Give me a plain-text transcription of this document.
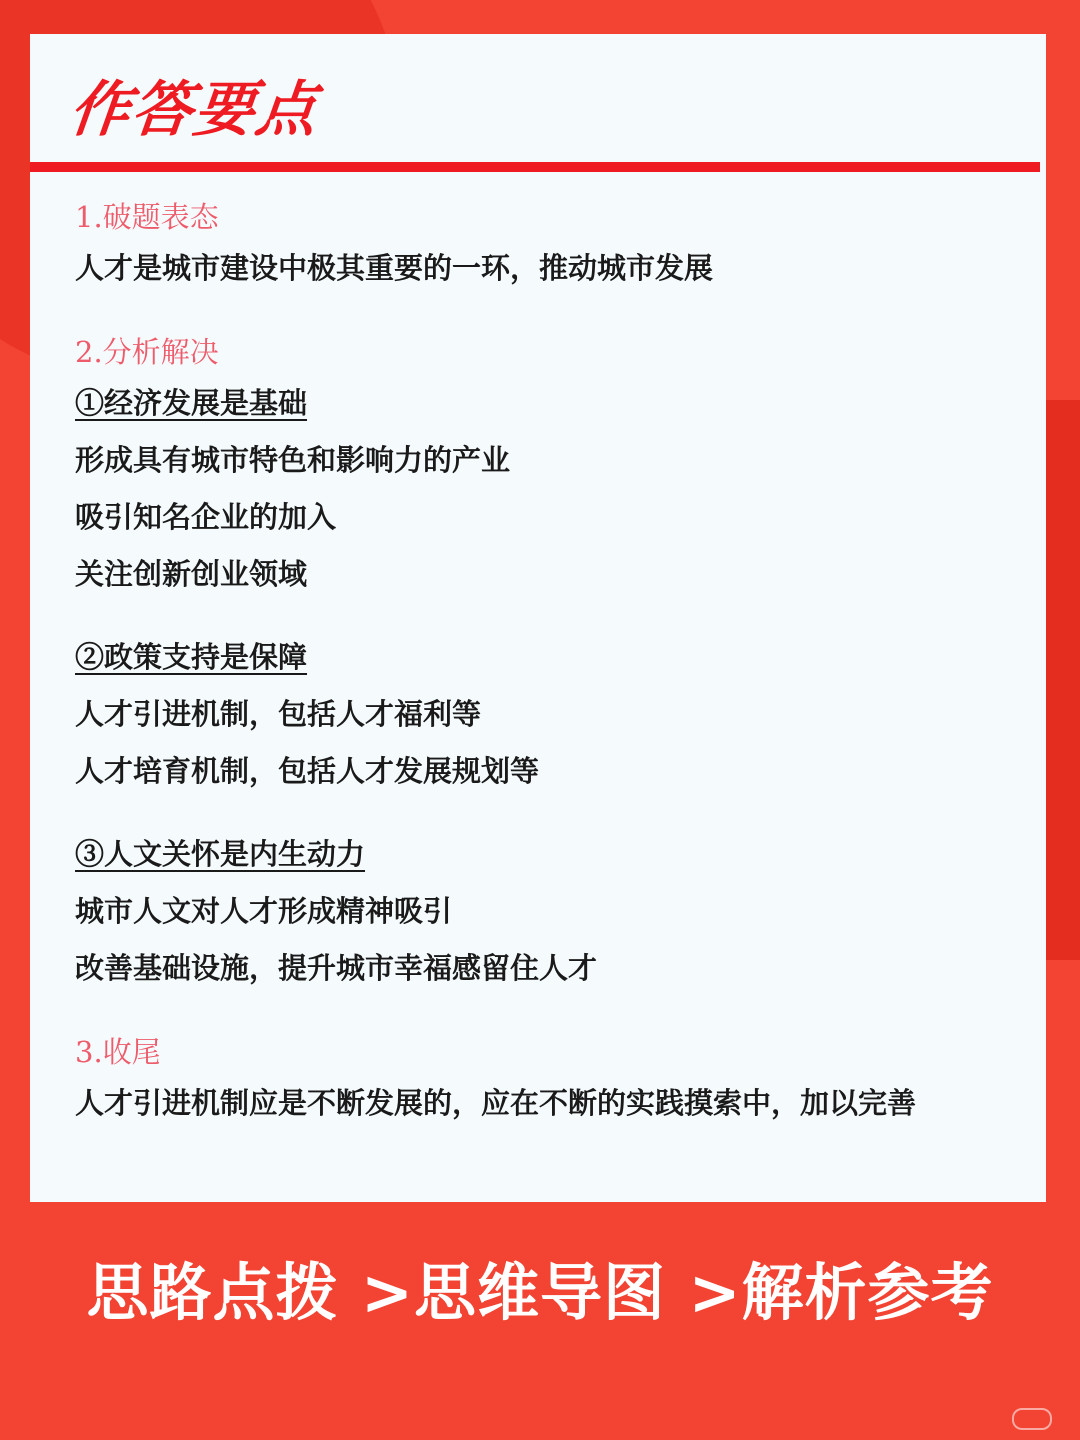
作答要点
1.破题表态
人才是城市建设中极其重要的一环，推动城市发展
2.分析解决
①经济发展是基础
形成具有城市特色和影响力的产业
吸引知名企业的加入
关注创新创业领域
②政策支持是保障
人才引进机制，包括人才福利等
人才培育机制，包括人才发展规划等
③人文关怀是内生动力
城市人文对人才形成精神吸引
改善基础设施，提升城市幸福感留住人才
3.收尾
人才引进机制应是不断发展的，应在不断的实践摸索中，加以完善
思路点拨 >思维导图 >解析参考
